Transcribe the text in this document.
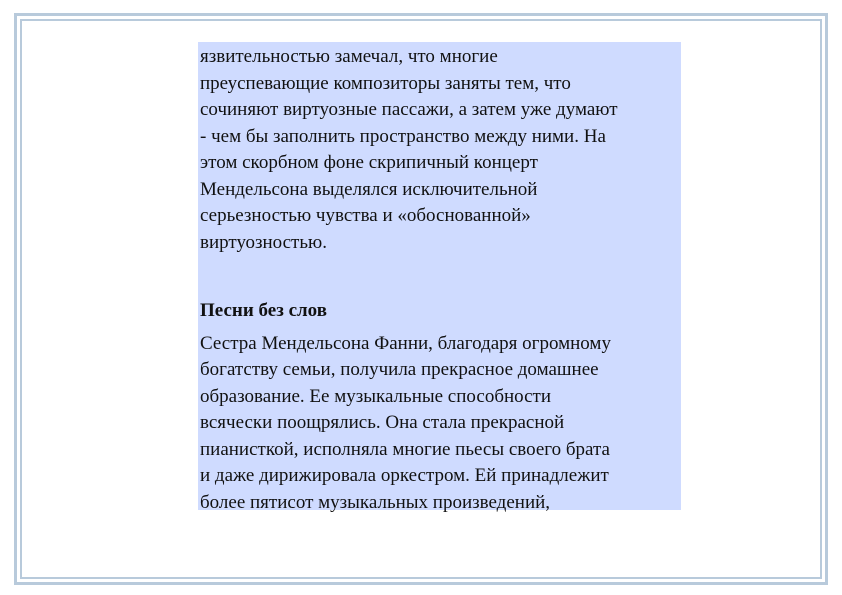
язвительностью замечал, что многие
преуспевающие композиторы заняты тем, что
сочиняют виртуозные пассажи, а затем уже думают
- чем бы заполнить пространство между ними. На
этом скорбном фоне скрипичный концерт
Мендельсона выделялся исключительной
серьезностью чувства и «обоснованной»
виртуозностью.

Песни без слов

Сестра Мендельсона Фанни, благодаря огромному
богатству семьи, получила прекрасное домашнее
образование. Ее музыкальные способности
всячески поощрялись. Она стала прекрасной
пианисткой, исполняла многие пьесы своего брата
и даже дирижировала оркестром. Ей принадлежит
более пятисот музыкальных произведений,
